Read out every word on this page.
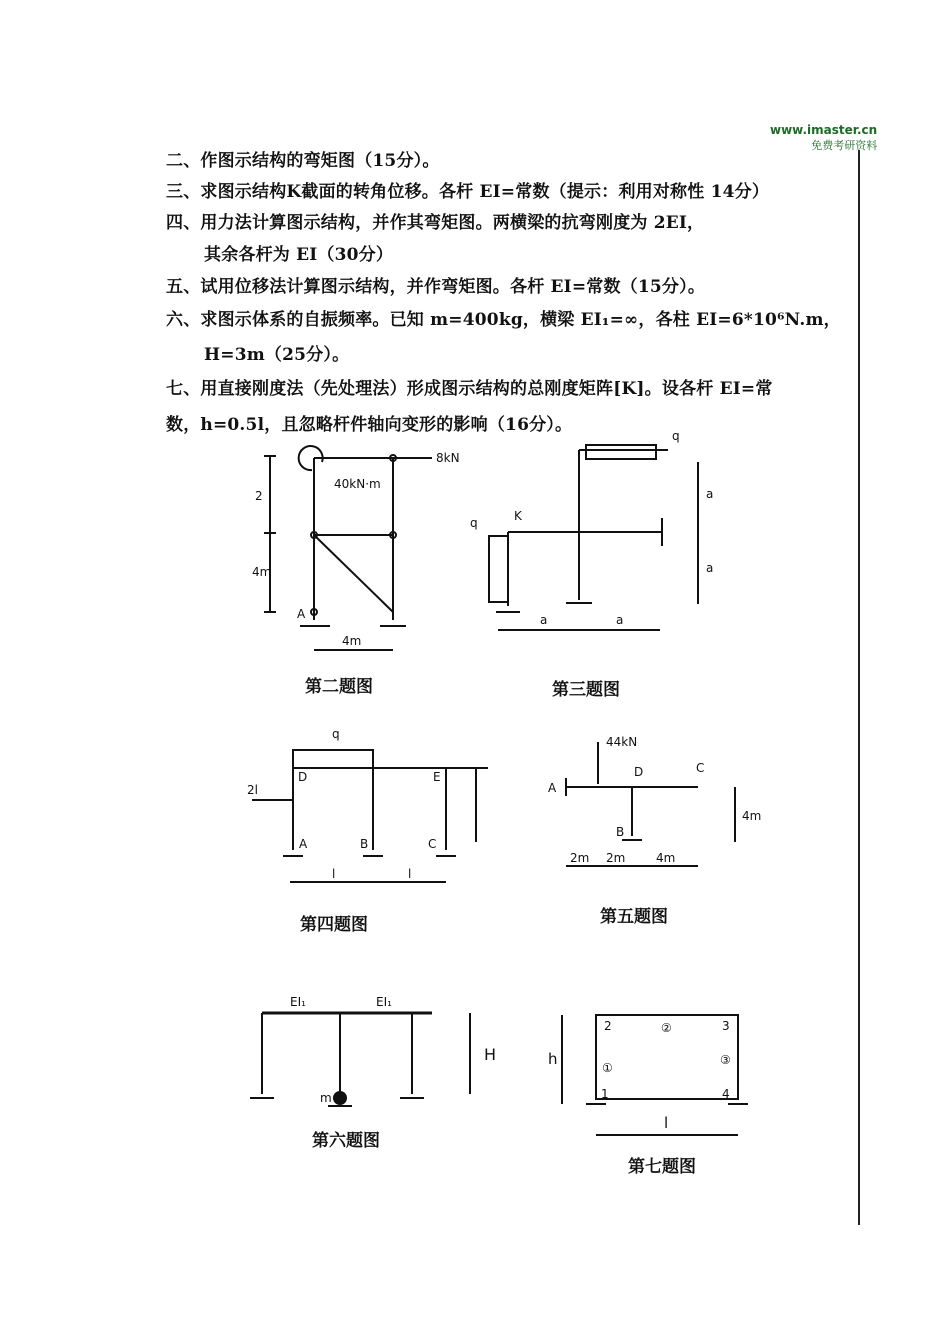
www.imaster.cn
免费考研资料
二、作图示结构的弯矩图（15分）。
三、求图示结构K截面的转角位移。各杆 EI=常数（提示：利用对称性 14分）
四、用力法计算图示结构，并作其弯矩图。两横梁的抗弯刚度为 2EI，
其余各杆为 EI（30分）
五、试用位移法计算图示结构，并作弯矩图。各杆 EI=常数（15分）。
六、求图示体系的自振频率。已知 m=400kg，横梁 EI₁=∞，各柱 EI=6*10⁶N.m，
H=3m（25分）。
七、用直接刚度法（先处理法）形成图示结构的总刚度矩阵[K]。设各杆 EI=常
数，h=0.5l，且忽略杆件轴向变形的影响（16分）。
8kN
40kN·m
2
4m
4m
A
第二题图
q
q	K
a	a
a
a
第三题图
q
2l
A	B	C
D	E
l	l
第四题图
44kN
A
B
C
D
4m
2m 2m	4m
第五题图
EI₁	EI₁
m
H
第六题图
2	3
1	4
①
②
③
h
l
第七题图
